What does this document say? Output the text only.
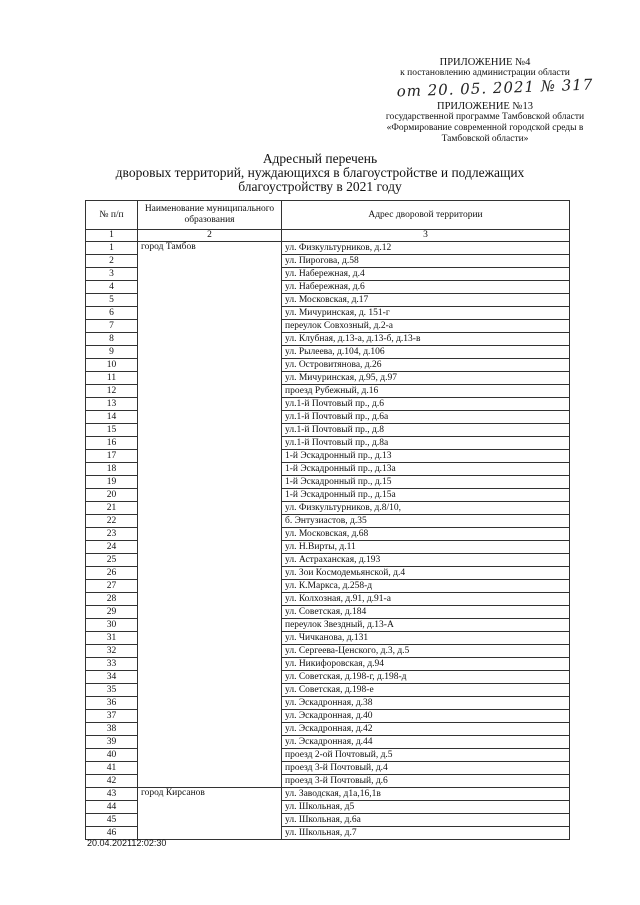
ПРИЛОЖЕНИЕ №4
к постановлению администрации области
от 20. 05. 2021 № 317
ПРИЛОЖЕНИЕ №13
государственной программе Тамбовской области
«Формирование современной городской среды в
Тамбовской области»
Адресный перечень
дворовых территорий, нуждающихся в благоустройстве и подлежащих
благоустройству в 2021 году
№ п/п	Наименование муниципального образования	Адрес дворовой территории
1	2	3
1	город Тамбов	ул. Физкультурников, д.12
2		ул. Пирогова, д.58
3		ул. Набережная, д.4
4		ул. Набережная, д.6
5		ул. Московская, д.17
6		ул. Мичуринская, д. 151-г
7		переулок Совхозный, д.2-а
8		ул. Клубная, д.13-а, д.13-б, д.13-в
9		ул. Рылеева, д.104, д.106
10		ул. Островитянова, д.26
11		ул. Мичуринская, д.95, д.97
12		проезд Рубежный, д.16
13		ул.1-й Почтовый пр., д.6
14		ул.1-й Почтовый пр., д.6а
15		ул.1-й Почтовый пр., д.8
16		ул.1-й Почтовый пр., д.8а
17		1-й Эскадронный пр., д.13
18		1-й Эскадронный пр., д.13а
19		1-й Эскадронный пр., д.15
20		1-й Эскадронный пр., д.15а
21		ул. Физкультурников, д.8/10,
22		б. Энтузиастов, д.35
23		ул. Московская, д.68
24		ул. Н.Вирты, д.11
25		ул. Астраханская, д.193
26		ул. Зои Космодемьянской, д.4
27		ул. К.Маркса, д.258-д
28		ул. Колхозная, д.91, д.91-а
29		ул. Советская, д.184
30		переулок Звездный, д.13-А
31		ул. Чичканова, д.131
32		ул. Сергеева-Ценского, д.3, д.5
33		ул. Никифоровская, д.94
34		ул. Советская, д.198-г, д.198-д
35		ул. Советская, д.198-е
36		ул. Эскадронная, д.38
37		ул. Эскадронная, д.40
38		ул. Эскадронная, д.42
39		ул. Эскадронная, д.44
40		проезд 2-ой Почтовый, д.5
41		проезд 3-й Почтовый, д.4
42		проезд 3-й Почтовый, д.6
43	город Кирсанов	ул. Заводская, д1а,16,1в
44		ул. Школьная, д5
45		ул. Школьная, д.6а
46		ул. Школьная, д.7
20.04.202112:02:30
